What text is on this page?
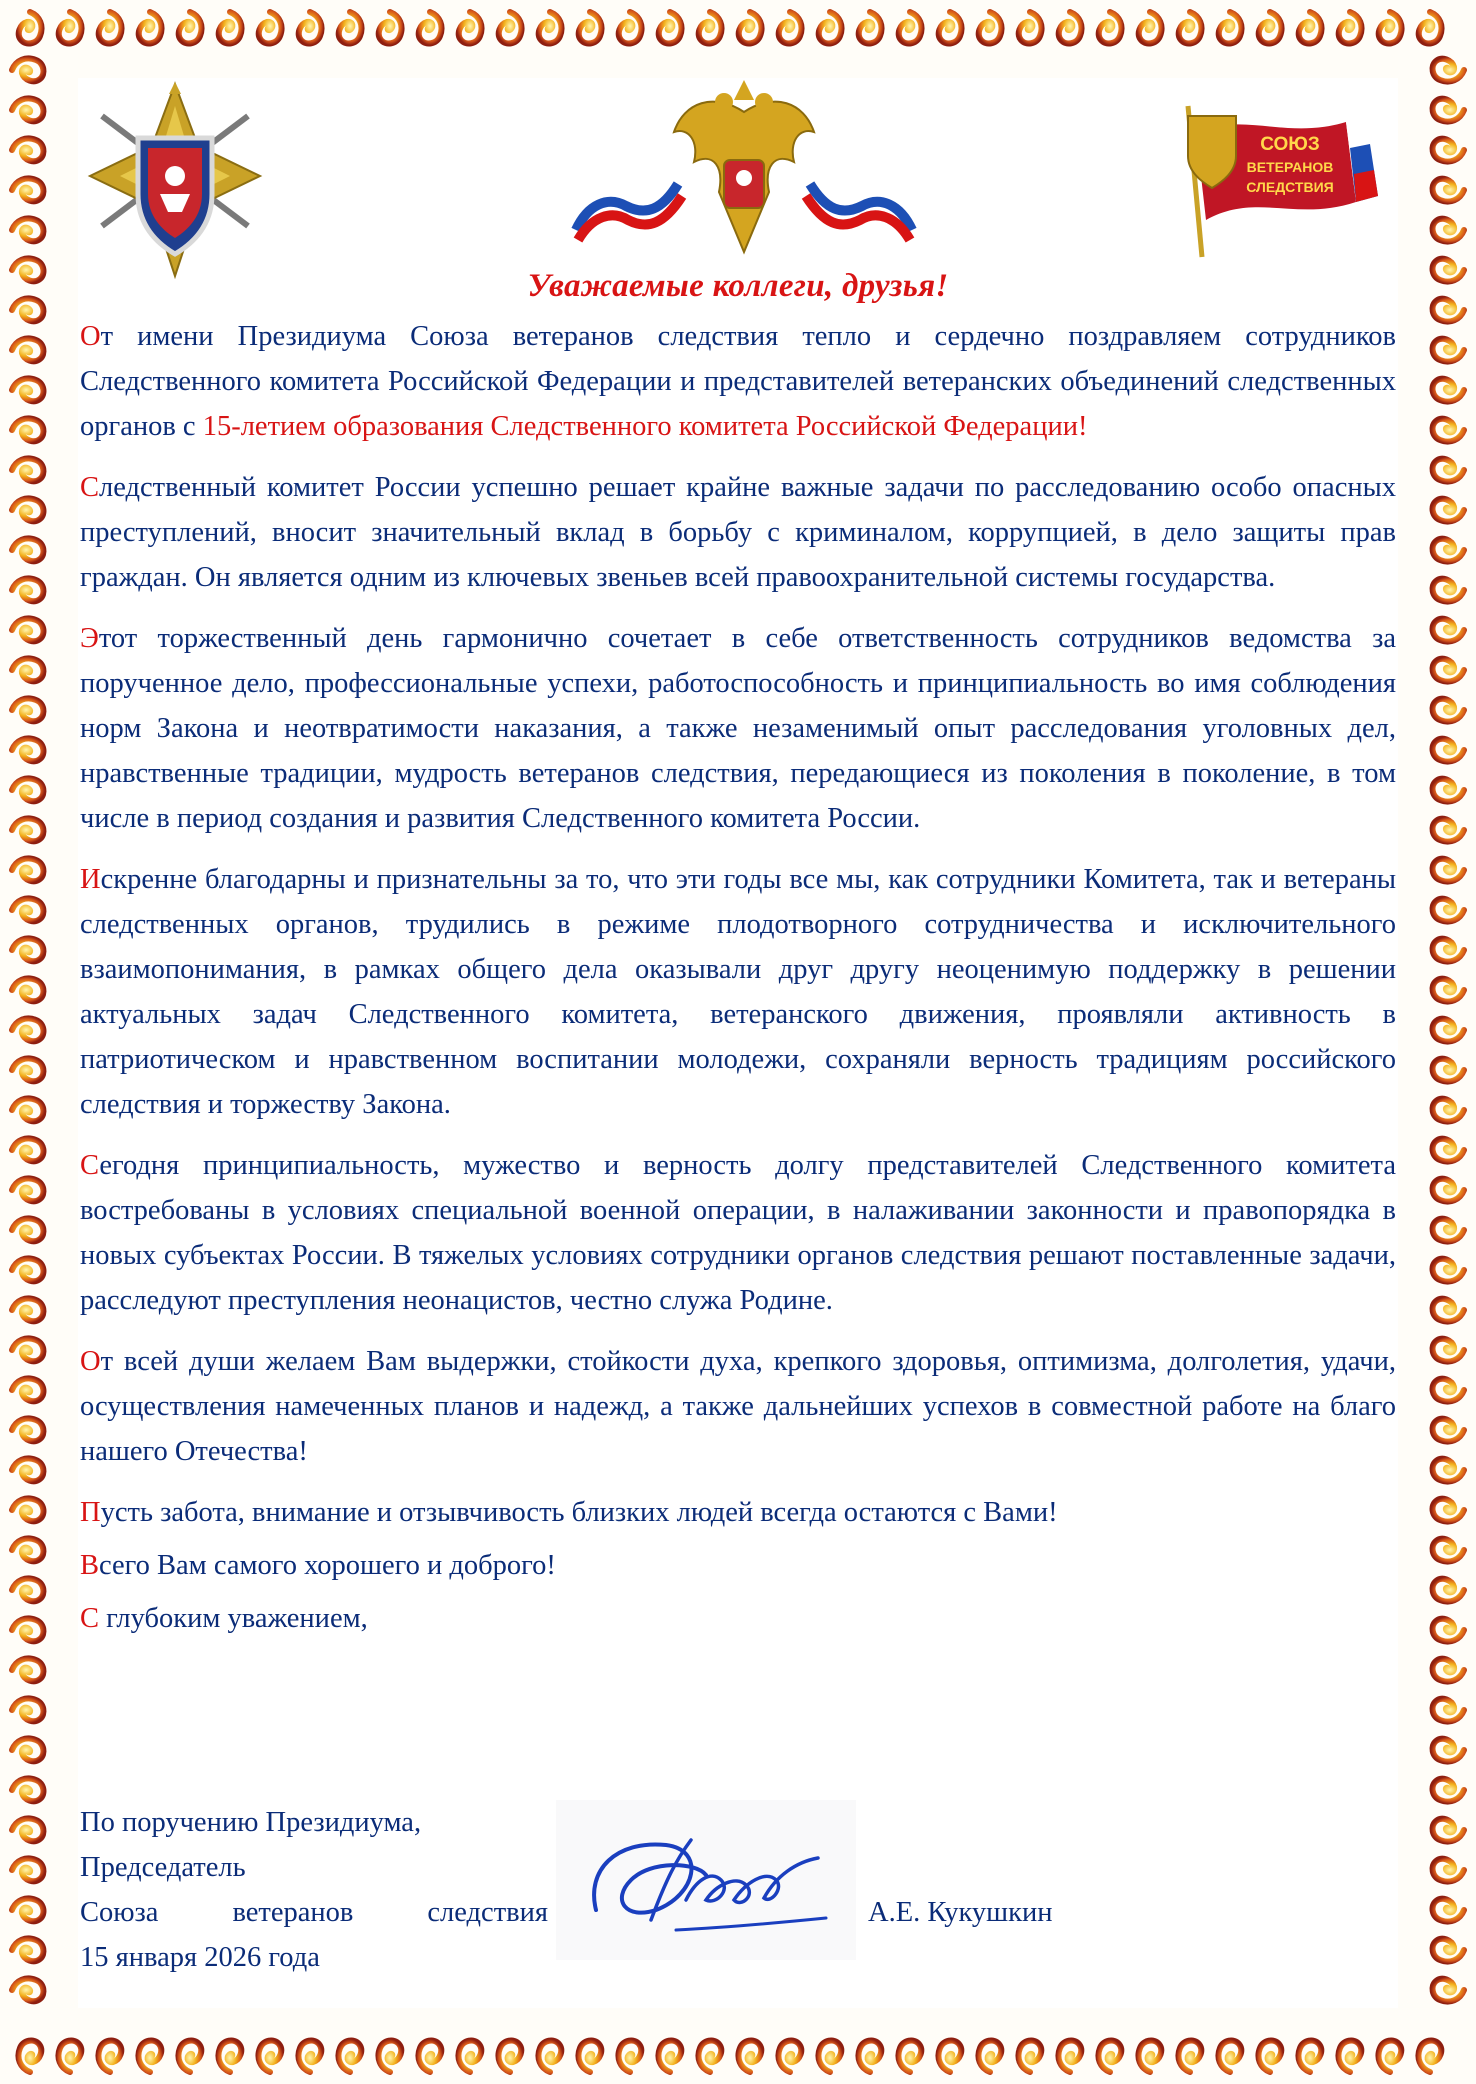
СОЮЗ
ВЕТЕРАНОВ
СЛЕДСТВИЯ
Уважаемые коллеги, друзья!

От имени Президиума Союза ветеранов следствия тепло и сердечно поздравляем сотрудников Следственного комитета Российской Федерации и представителей ветеранских объединений следственных органов с 15-летием образования Следственного комитета Российской Федерации!

Следственный комитет России успешно решает крайне важные задачи по расследованию особо опасных преступлений, вносит значительный вклад в борьбу с криминалом, коррупцией, в дело защиты прав граждан. Он является одним из ключевых звеньев всей правоохранительной системы государства.

Этот торжественный день гармонично сочетает в себе ответственность сотрудников ведомства за порученное дело, профессиональные успехи, работоспособность и принципиальность во имя соблюдения норм Закона и неотвратимости наказания, а также незаменимый опыт расследования уголовных дел, нравственные традиции, мудрость ветеранов следствия, передающиеся из поколения в поколение, в том числе в период создания и развития Следственного комитета России.

Искренне благодарны и признательны за то, что эти годы все мы, как сотрудники Комитета, так и ветераны следственных органов, трудились в режиме плодотворного сотрудничества и исключительного взаимопонимания, в рамках общего дела оказывали друг другу неоценимую поддержку в решении актуальных задач Следственного комитета, ветеранского движения, проявляли активность в патриотическом и нравственном воспитании молодежи, сохраняли верность традициям российского следствия и торжеству Закона.

Сегодня принципиальность, мужество и верность долгу представителей Следственного комитета востребованы в условиях специальной военной операции, в налаживании законности и правопорядка в новых субъектах России. В тяжелых условиях сотрудники органов следствия решают поставленные задачи, расследуют преступления неонацистов, честно служа Родине.

От всей души желаем Вам выдержки, стойкости духа, крепкого здоровья, оптимизма, долголетия, удачи, осуществления намеченных планов и надежд, а также дальнейших успехов в совместной работе на благо нашего Отечества!

Пусть забота, внимание и отзывчивость близких людей всегда остаются с Вами!

Всего Вам самого хорошего и доброго!

С глубоким уважением,

По поручению Президиума,
Председатель
Союза	ветеранов	следствия
15 января 2026 года
А.Е. Кукушкин
